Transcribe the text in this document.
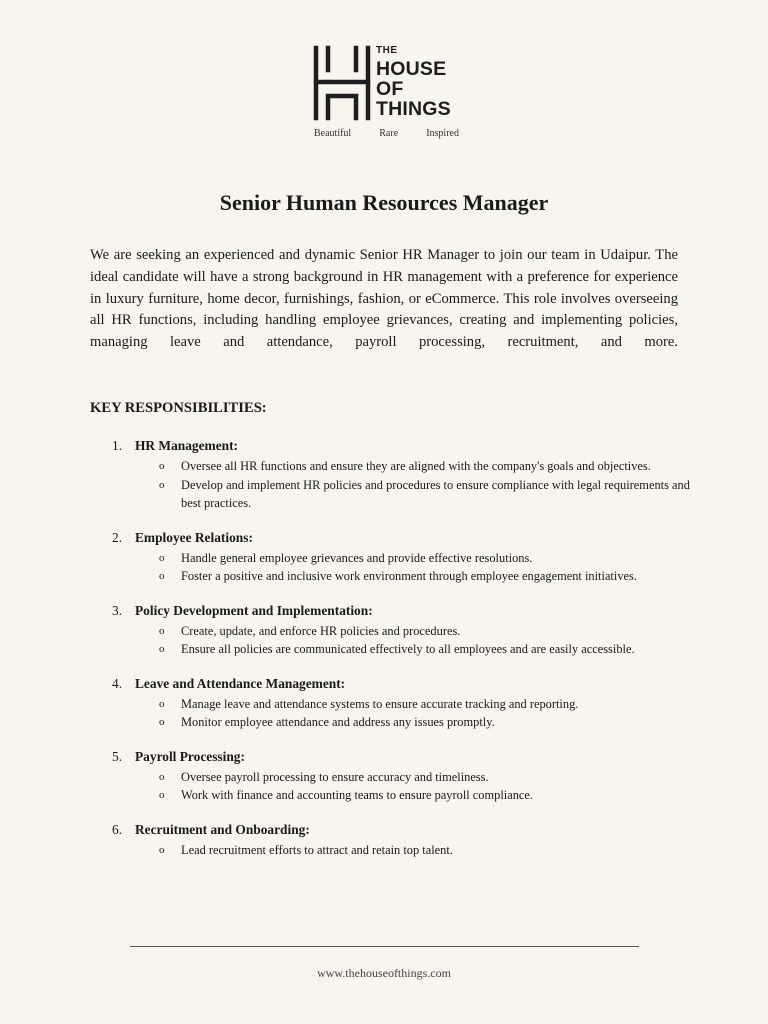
THE
HOUSE
OF
THINGS
Beautiful	Rare	Inspired
Senior Human Resources Manager

We are seeking an experienced and dynamic Senior HR Manager to join our team in Udaipur. The ideal candidate will have a strong background in HR management with a preference for experience in luxury furniture, home decor, furnishings, fashion, or eCommerce. This role involves overseeing all HR functions, including handling employee grievances, creating and implementing policies, managing leave and attendance, payroll processing, recruitment, and more.

KEY RESPONSIBILITIES:
1. HR Management:
o Oversee all HR functions and ensure they are aligned with the company's goals and objectives.
o Develop and implement HR policies and procedures to ensure compliance with legal requirements and best practices.
2. Employee Relations:
o Handle general employee grievances and provide effective resolutions.
o Foster a positive and inclusive work environment through employee engagement initiatives.
3. Policy Development and Implementation:
o Create, update, and enforce HR policies and procedures.
o Ensure all policies are communicated effectively to all employees and are easily accessible.
4. Leave and Attendance Management:
o Manage leave and attendance systems to ensure accurate tracking and reporting.
o Monitor employee attendance and address any issues promptly.
5. Payroll Processing:
o Oversee payroll processing to ensure accuracy and timeliness.
o Work with finance and accounting teams to ensure payroll compliance.
6. Recruitment and Onboarding:
o Lead recruitment efforts to attract and retain top talent.
www.thehouseofthings.com
